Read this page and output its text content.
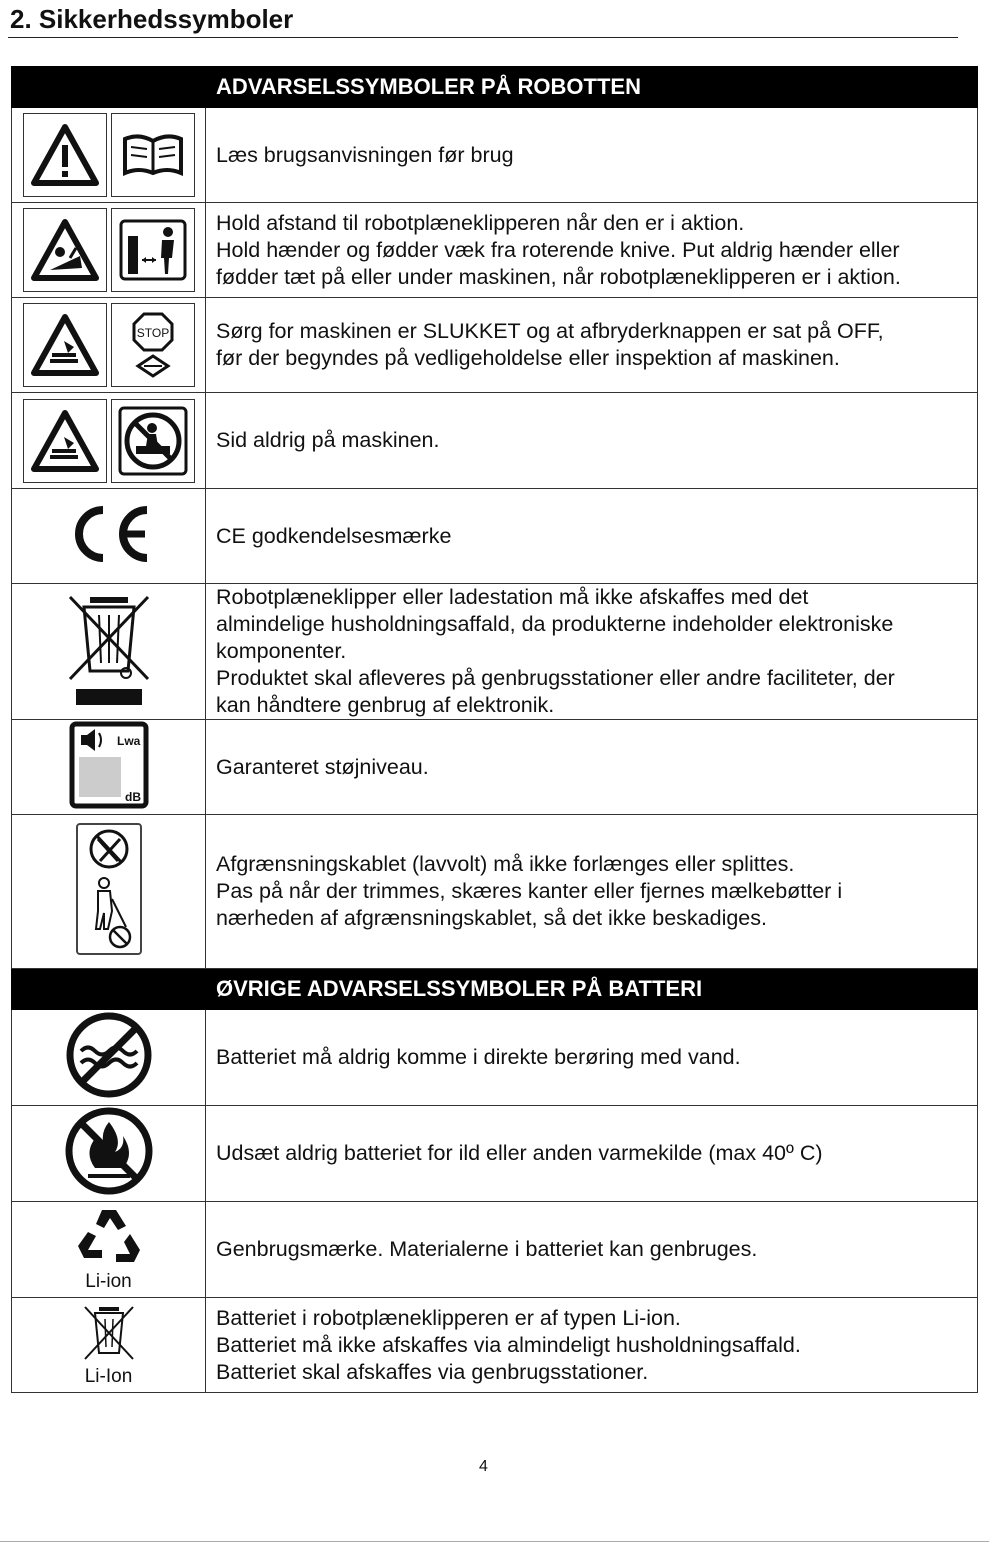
2. Sikkerhedssymboler
	ADVARSELSSYMBOLER PÅ ROBOTTEN

Læs brugsanvisningen før brug

Hold afstand til robotplæneklipperen når den er i aktion.
Hold hænder og fødder væk fra roterende knive. Put aldrig hænder eller
fødder tæt på eller under maskinen, når robotplæneklipperen er i aktion.

STOP	Sørg for maskinen er SLUKKET og at afbryderknappen er sat på OFF,
før der begyndes på vedligeholdelse eller inspektion af maskinen.

Sid aldrig på maskinen.

CE godkendelsesmærke

Robotplæneklipper eller ladestation må ikke afskaffes med det
almindelige husholdningsaffald, da produkterne indeholder elektroniske
komponenter.
Produktet skal afleveres på genbrugsstationer eller andre faciliteter, der
kan håndtere genbrug af elektronik.

Lwa
dB	Garanteret støjniveau.

Afgrænsningskablet (lavvolt) må ikke forlænges eller splittes.
Pas på når der trimmes, skæres kanter eller fjernes mælkebøtter i
nærheden af afgrænsningskablet, så det ikke beskadiges.

	ØVRIGE ADVARSELSSYMBOLER PÅ BATTERI

Batteriet må aldrig komme i direkte berøring med vand.

Udsæt aldrig batteriet for ild eller anden varmekilde (max 40º C)

Li-ion	Genbrugsmærke. Materialerne i batteriet kan genbruges.

Li-Ion	Batteriet i robotplæneklipperen er af typen Li-ion.
Batteriet må ikke afskaffes via almindeligt husholdningsaffald.
Batteriet skal afskaffes via genbrugsstationer.
4
